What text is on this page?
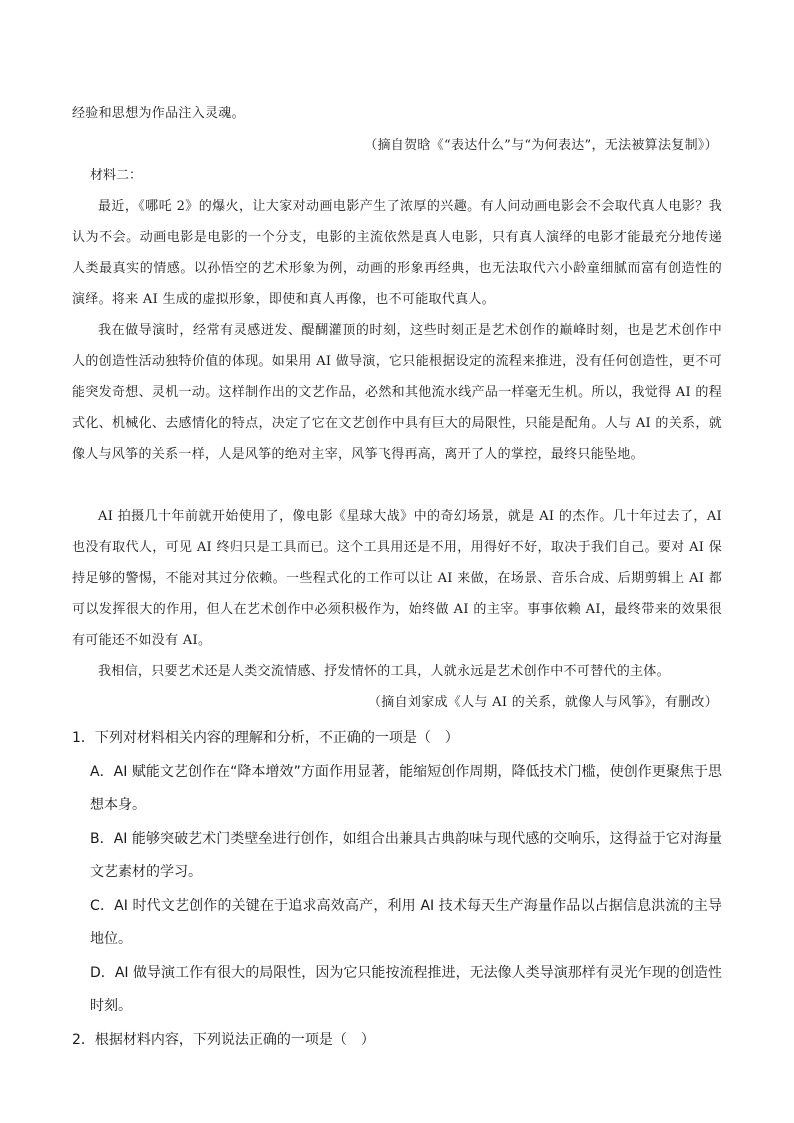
经验和思想为作品注入灵魂。
（摘自贺晗《“表达什么”与“为何表达”，无法被算法复制》）
材料二：
最近，《哪吒 2》的爆火，让大家对动画电影产生了浓厚的兴趣。有人问动画电影会不会取代真人电影？我认为不会。动画电影是电影的一个分支，电影的主流依然是真人电影，只有真人演绎的电影才能最充分地传递人类最真实的情感。以孙悟空的艺术形象为例，动画的形象再经典，也无法取代六小龄童细腻而富有创造性的演绎。将来 AI 生成的虚拟形象，即使和真人再像，也不可能取代真人。
我在做导演时，经常有灵感迸发、醍醐灌顶的时刻，这些时刻正是艺术创作的巅峰时刻，也是艺术创作中人的创造性活动独特价值的体现。如果用 AI 做导演，它只能根据设定的流程来推进，没有任何创造性，更不可能突发奇想、灵机一动。这样制作出的文艺作品，必然和其他流水线产品一样毫无生机。所以，我觉得 AI 的程式化、机械化、去感情化的特点，决定了它在文艺创作中具有巨大的局限性，只能是配角。人与 AI 的关系，就像人与风筝的关系一样，人是风筝的绝对主宰，风筝飞得再高，离开了人的掌控，最终只能坠地。
AI 拍摄几十年前就开始使用了，像电影《星球大战》中的奇幻场景，就是 AI 的杰作。几十年过去了，AI 也没有取代人，可见 AI 终归只是工具而已。这个工具用还是不用，用得好不好，取决于我们自己。要对 AI 保持足够的警惕，不能对其过分依赖。一些程式化的工作可以让 AI 来做，在场景、音乐合成、后期剪辑上 AI 都可以发挥很大的作用，但人在艺术创作中必须积极作为，始终做 AI 的主宰。事事依赖 AI，最终带来的效果很有可能还不如没有 AI。
我相信，只要艺术还是人类交流情感、抒发情怀的工具，人就永远是艺术创作中不可替代的主体。
（摘自刘家成《人与 AI 的关系，就像人与风筝》，有删改）
1．下列对材料相关内容的理解和分析，不正确的一项是（　）
A．AI 赋能文艺创作在“降本增效”方面作用显著，能缩短创作周期，降低技术门槛，使创作更聚焦于思想本身。
B．AI 能够突破艺术门类壁垒进行创作，如组合出兼具古典韵味与现代感的交响乐，这得益于它对海量文艺素材的学习。
C．AI 时代文艺创作的关键在于追求高效高产，利用 AI 技术每天生产海量作品以占据信息洪流的主导地位。
D．AI 做导演工作有很大的局限性，因为它只能按流程推进，无法像人类导演那样有灵光乍现的创造性时刻。
2．根据材料内容，下列说法正确的一项是（　）
